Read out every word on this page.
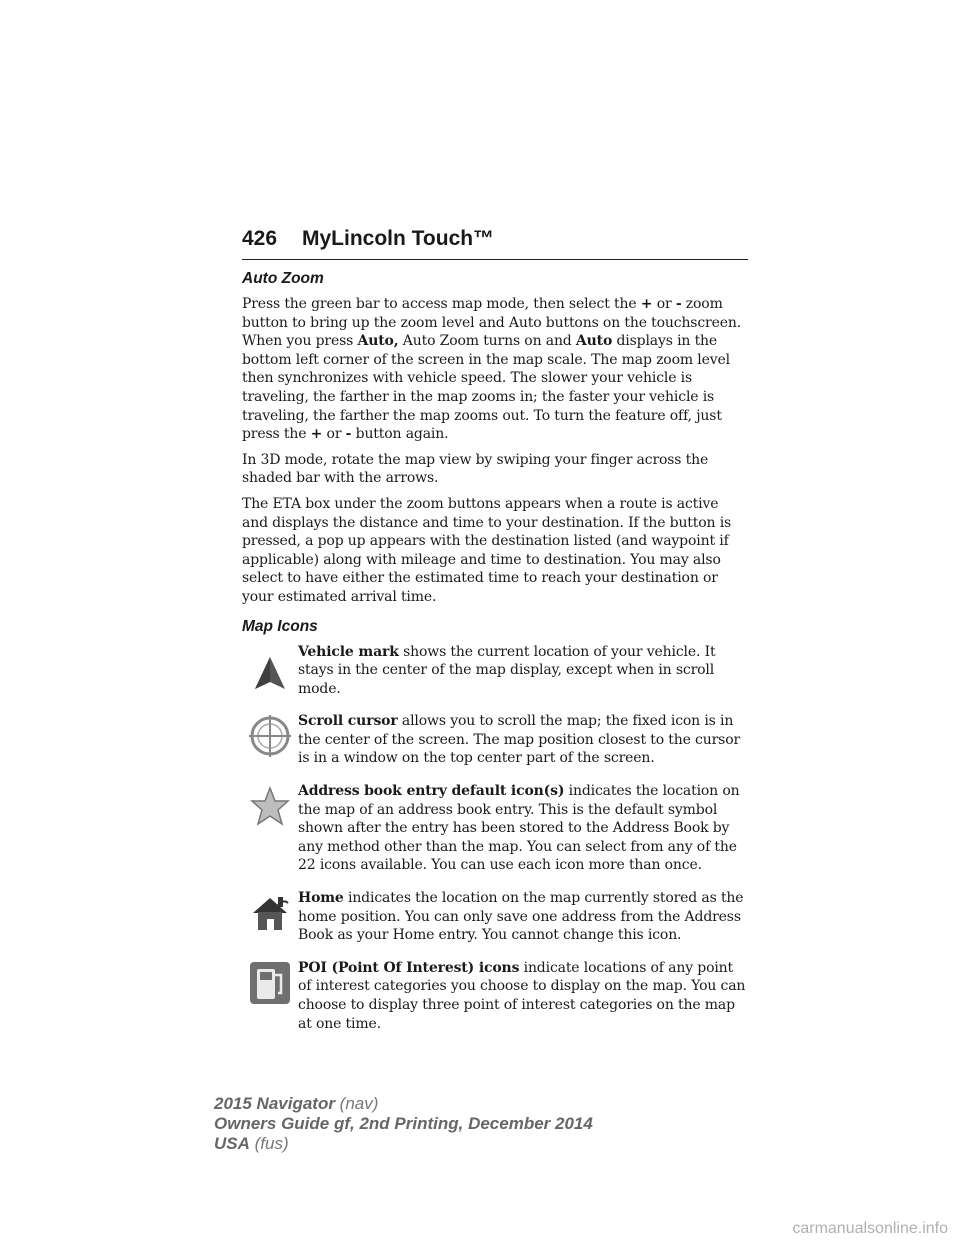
426 MyLincoln Touch™
Auto Zoom

Press the green bar to access map mode, then select the + or - zoom button to bring up the zoom level and Auto buttons on the touchscreen. When you press Auto, Auto Zoom turns on and Auto displays in the bottom left corner of the screen in the map scale. The map zoom level then synchronizes with vehicle speed. The slower your vehicle is traveling, the farther in the map zooms in; the faster your vehicle is traveling, the farther the map zooms out. To turn the feature off, just press the + or - button again.

In 3D mode, rotate the map view by swiping your finger across the shaded bar with the arrows.

The ETA box under the zoom buttons appears when a route is active and displays the distance and time to your destination. If the button is pressed, a pop up appears with the destination listed (and waypoint if applicable) along with mileage and time to destination. You may also select to have either the estimated time to reach your destination or your estimated arrival time.

Map Icons
Vehicle mark shows the current location of your vehicle. It stays in the center of the map display, except when in scroll mode.
Scroll cursor allows you to scroll the map; the fixed icon is in the center of the screen. The map position closest to the cursor is in a window on the top center part of the screen.
Address book entry default icon(s) indicates the location on the map of an address book entry. This is the default symbol shown after the entry has been stored to the Address Book by any method other than the map. You can select from any of the 22 icons available. You can use each icon more than once.
Home indicates the location on the map currently stored as the home position. You can only save one address from the Address Book as your Home entry. You cannot change this icon.
POI (Point Of Interest) icons indicate locations of any point of interest categories you choose to display on the map. You can choose to display three point of interest categories on the map at one time.
2015 Navigator (nav)
Owners Guide gf, 2nd Printing, December 2014
USA (fus)
carmanualsonline.info
